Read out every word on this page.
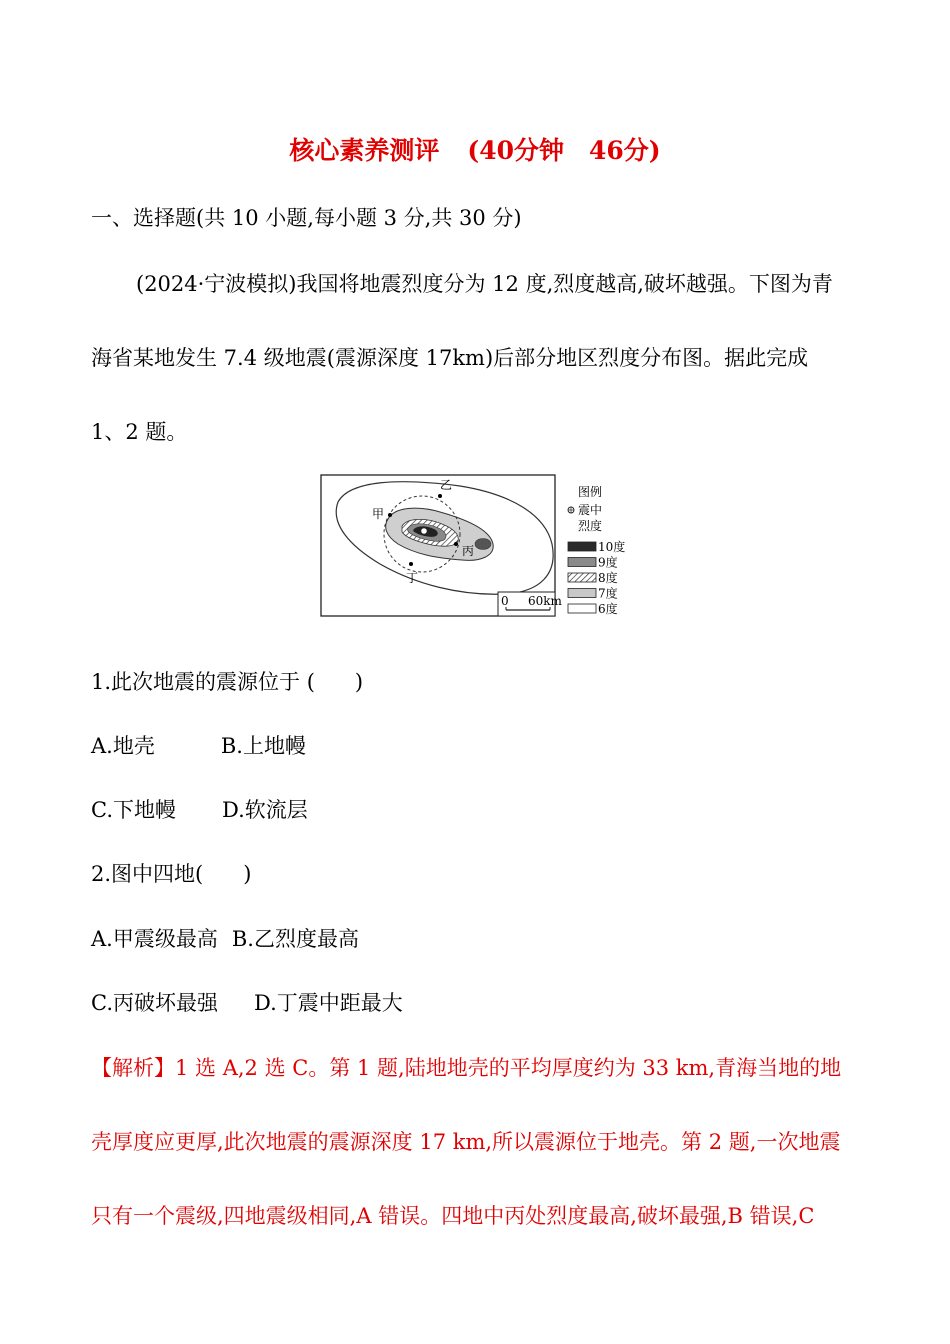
核心素养测评 (40分钟　46分)
一、选择题(共 10 小题,每小题 3 分,共 30 分)
(2024·宁波模拟)我国将地震烈度分为 12 度,烈度越高,破坏越强。下图为青
海省某地发生 7.4 级地震(震源深度 17km)后部分地区烈度分布图。据此完成
1、2 题。
甲
乙
丙
丁
0 60km
图例
震中
烈度
10度
9度
8度
7度
6度
1.此次地震的震源位于 ( )
A.地壳	B.上地幔
C.下地幔 D.软流层
2.图中四地( )
A.甲震级最高 B.乙烈度最高
C.丙破坏最强 D.丁震中距最大
【解析】1 选 A,2 选 C。第 1 题,陆地地壳的平均厚度约为 33 km,青海当地的地
壳厚度应更厚,此次地震的震源深度 17 km,所以震源位于地壳。第 2 题,一次地震
只有一个震级,四地震级相同,A 错误。四地中丙处烈度最高,破坏最强,B 错误,C
